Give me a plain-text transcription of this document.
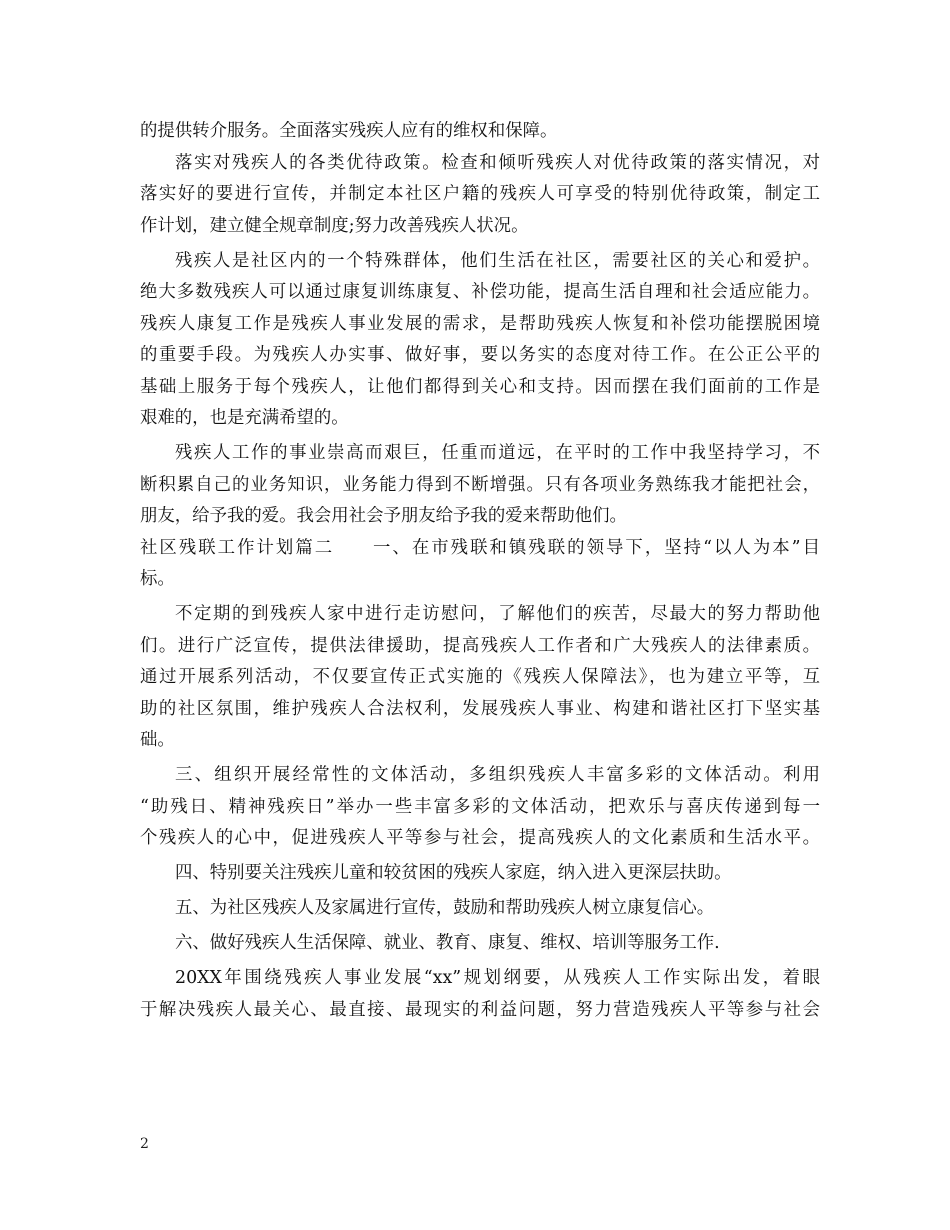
的提供转介服务。全面落实残疾人应有的维权和保障。
落实对残疾人的各类优待政策。检查和倾听残疾人对优待政策的落实情况，对
落实好的要进行宣传，并制定本社区户籍的残疾人可享受的特别优待政策，制定工
作计划，建立健全规章制度;努力改善残疾人状况。
残疾人是社区内的一个特殊群体，他们生活在社区，需要社区的关心和爱护。
绝大多数残疾人可以通过康复训练康复、补偿功能，提高生活自理和社会适应能力。
残疾人康复工作是残疾人事业发展的需求，是帮助残疾人恢复和补偿功能摆脱困境
的重要手段。为残疾人办实事、做好事，要以务实的态度对待工作。在公正公平的
基础上服务于每个残疾人，让他们都得到关心和支持。因而摆在我们面前的工作是
艰难的，也是充满希望的。
残疾人工作的事业崇高而艰巨，任重而道远，在平时的工作中我坚持学习，不
断积累自己的业务知识，业务能力得到不断增强。只有各项业务熟练我才能把社会，
朋友，给予我的爱。我会用社会予朋友给予我的爱来帮助他们。
社区残联工作计划篇二　　一、在市残联和镇残联的领导下，坚持“以人为本”目
标。
不定期的到残疾人家中进行走访慰问，了解他们的疾苦，尽最大的努力帮助他
们。进行广泛宣传，提供法律援助，提高残疾人工作者和广大残疾人的法律素质。
通过开展系列活动，不仅要宣传正式实施的《残疾人保障法》，也为建立平等，互
助的社区氛围，维护残疾人合法权利，发展残疾人事业、构建和谐社区打下坚实基
础。
三、组织开展经常性的文体活动，多组织残疾人丰富多彩的文体活动。利用
“助残日、精神残疾日”举办一些丰富多彩的文体活动，把欢乐与喜庆传递到每一
个残疾人的心中，促进残疾人平等参与社会，提高残疾人的文化素质和生活水平。
四、特别要关注残疾儿童和较贫困的残疾人家庭，纳入进入更深层扶助。
五、为社区残疾人及家属进行宣传，鼓励和帮助残疾人树立康复信心。
六、做好残疾人生活保障、就业、教育、康复、维权、培训等服务工作.
20XX年围绕残疾人事业发展“xx”规划纲要，从残疾人工作实际出发，着眼
于解决残疾人最关心、最直接、最现实的利益问题，努力营造残疾人平等参与社会
2
